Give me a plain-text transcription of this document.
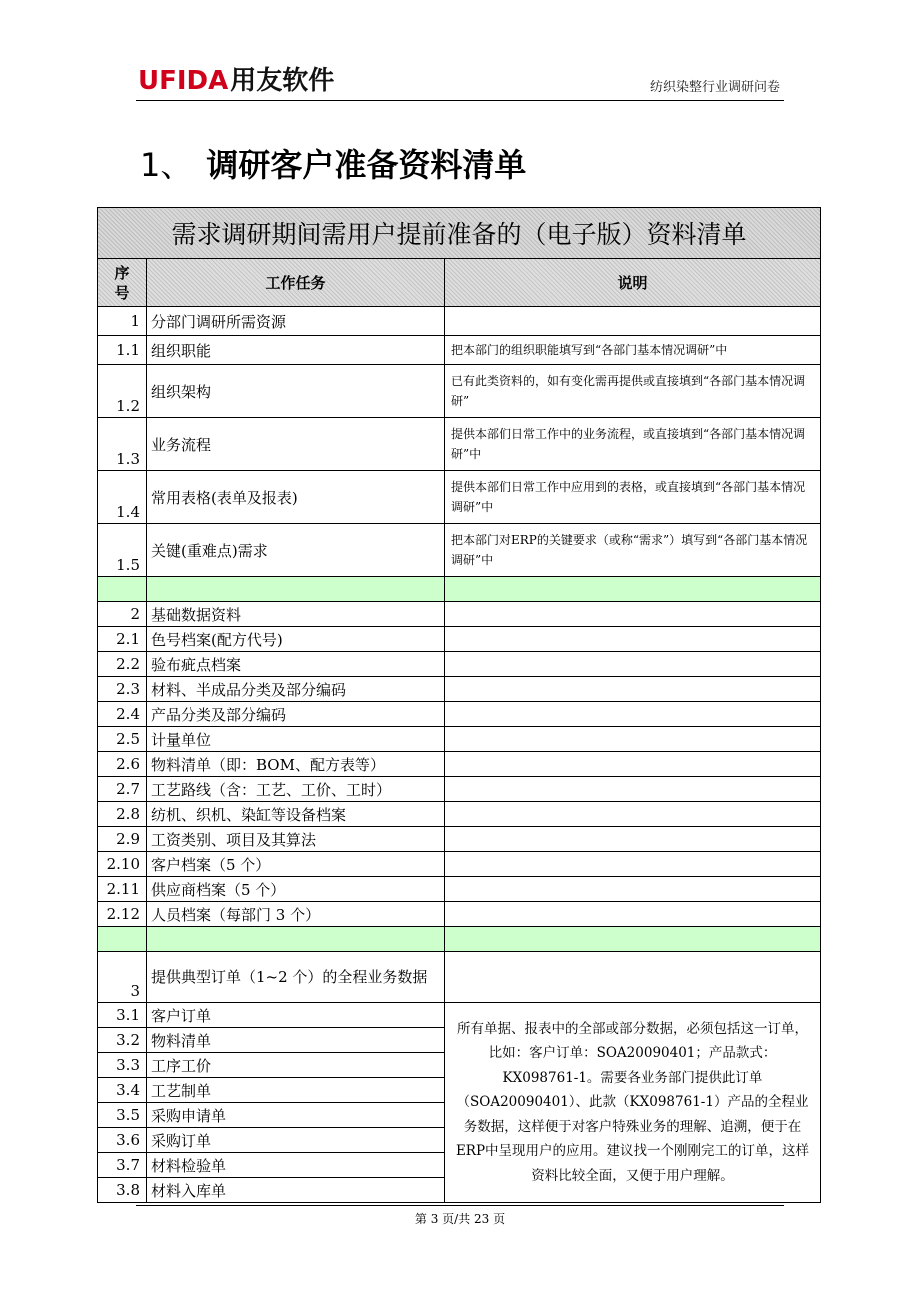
UFIDA用友软件	纺织染整行业调研问卷
1、 调研客户准备资料清单
需求调研期间需用户提前准备的（电子版）资料清单		
序号	工作任务	说明
1	分部门调研所需资源	
1.1	组织职能	把本部门的组织职能填写到“各部门基本情况调研”中
1.2	组织架构	已有此类资料的，如有变化需再提供或直接填到“各部门基本情况调研”
1.3	业务流程	提供本部们日常工作中的业务流程，或直接填到“各部门基本情况调研”中
1.4	常用表格(表单及报表)	提供本部们日常工作中应用到的表格，或直接填到“各部门基本情况调研”中
1.5	关键(重难点)需求	把本部门对ERP的关键要求（或称“需求”）填写到“各部门基本情况调研”中

2	基础数据资料	
2.1	色号档案(配方代号)	
2.2	验布疵点档案	
2.3	材料、半成品分类及部分编码	
2.4	产品分类及部分编码	
2.5	计量单位	
2.6	物料清单（即：BOM、配方表等）	
2.7	工艺路线（含：工艺、工价、工时）	
2.8	纺机、织机、染缸等设备档案	
2.9	工资类别、项目及其算法	
2.10	客户档案（5 个）	
2.11	供应商档案（5 个）	
2.12	人员档案（每部门 3 个）	

3	提供典型订单（1~2 个）的全程业务数据	
3.1	客户订单	所有单据、报表中的全部或部分数据，必须包括这一订单，比如：客户订单：SOA20090401；产品款式：KX098761-1。需要各业务部门提供此订单（SOA20090401）、此款（KX098761-1）产品的全程业务数据，这样便于对客户特殊业务的理解、追溯，便于在ERP中呈现用户的应用。建议找一个刚刚完工的订单，这样资料比较全面，又便于用户理解。
3.2	物料清单	
3.3	工序工价	
3.4	工艺制单	
3.5	采购申请单	
3.6	采购订单	
3.7	材料检验单	
3.8	材料入库单	
第 3 页/共 23 页
